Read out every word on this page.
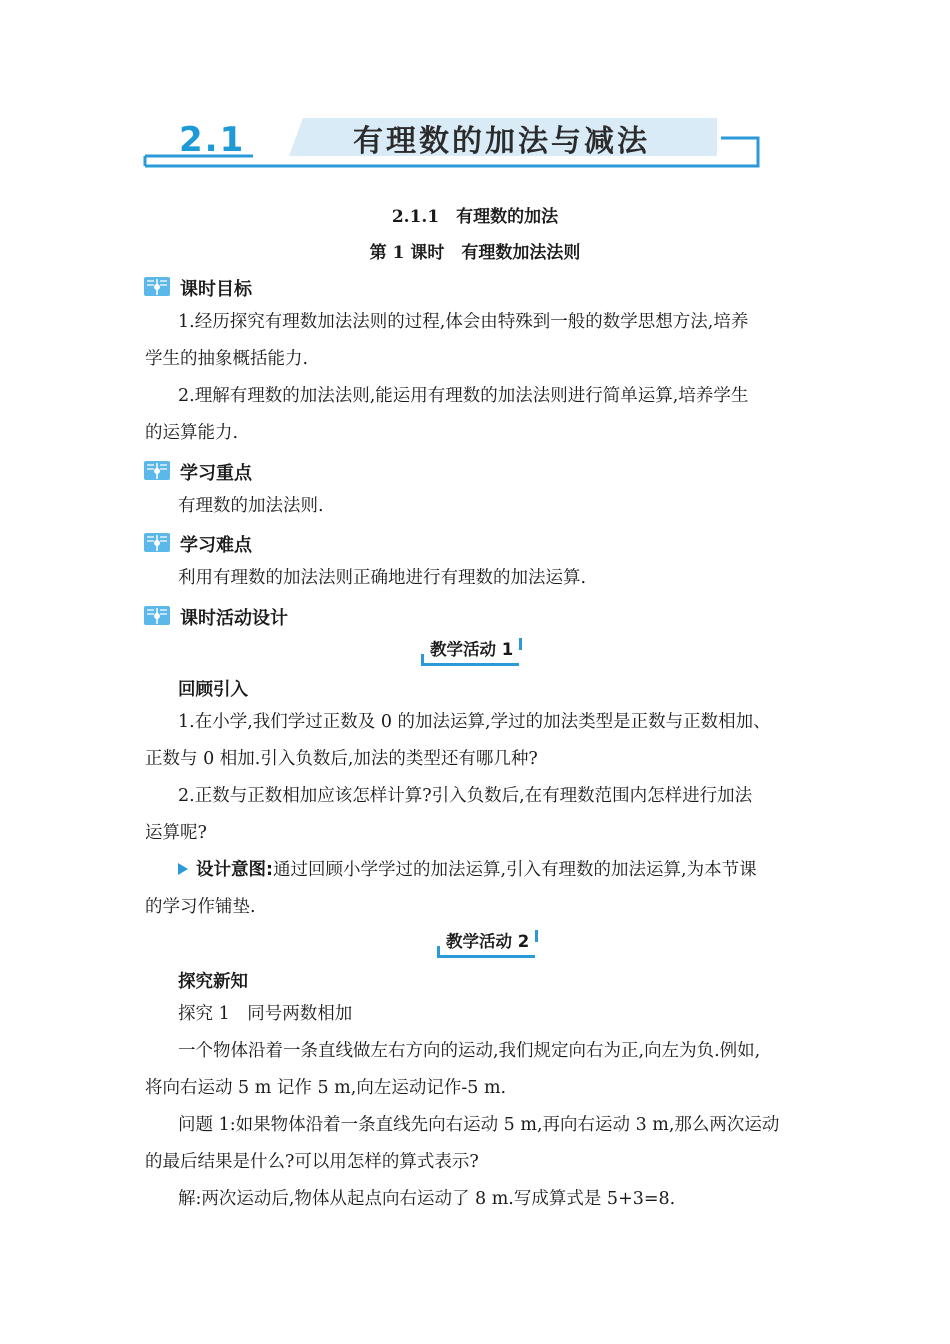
2.1	有理数的加法与减法
2.1.1　有理数的加法
第 1 课时　有理数加法法则
课时目标
1.经历探究有理数加法法则的过程,体会由特殊到一般的数学思想方法,培养
学生的抽象概括能力.
2.理解有理数的加法法则,能运用有理数的加法法则进行简单运算,培养学生
的运算能力.
学习重点
有理数的加法法则.
学习难点
利用有理数的加法法则正确地进行有理数的加法运算.
课时活动设计
教学活动 1
回顾引入
1.在小学,我们学过正数及 0 的加法运算,学过的加法类型是正数与正数相加、
正数与 0 相加.引入负数后,加法的类型还有哪几种?
2.正数与正数相加应该怎样计算?引入负数后,在有理数范围内怎样进行加法
运算呢?
设计意图:通过回顾小学学过的加法运算,引入有理数的加法运算,为本节课
的学习作铺垫.
教学活动 2
探究新知
探究 1　同号两数相加
一个物体沿着一条直线做左右方向的运动,我们规定向右为正,向左为负.例如,
将向右运动 5 m 记作 5 m,向左运动记作-5 m.
问题 1:如果物体沿着一条直线先向右运动 5 m,再向右运动 3 m,那么两次运动
的最后结果是什么?可以用怎样的算式表示?
解:两次运动后,物体从起点向右运动了 8 m.写成算式是 5+3=8.
